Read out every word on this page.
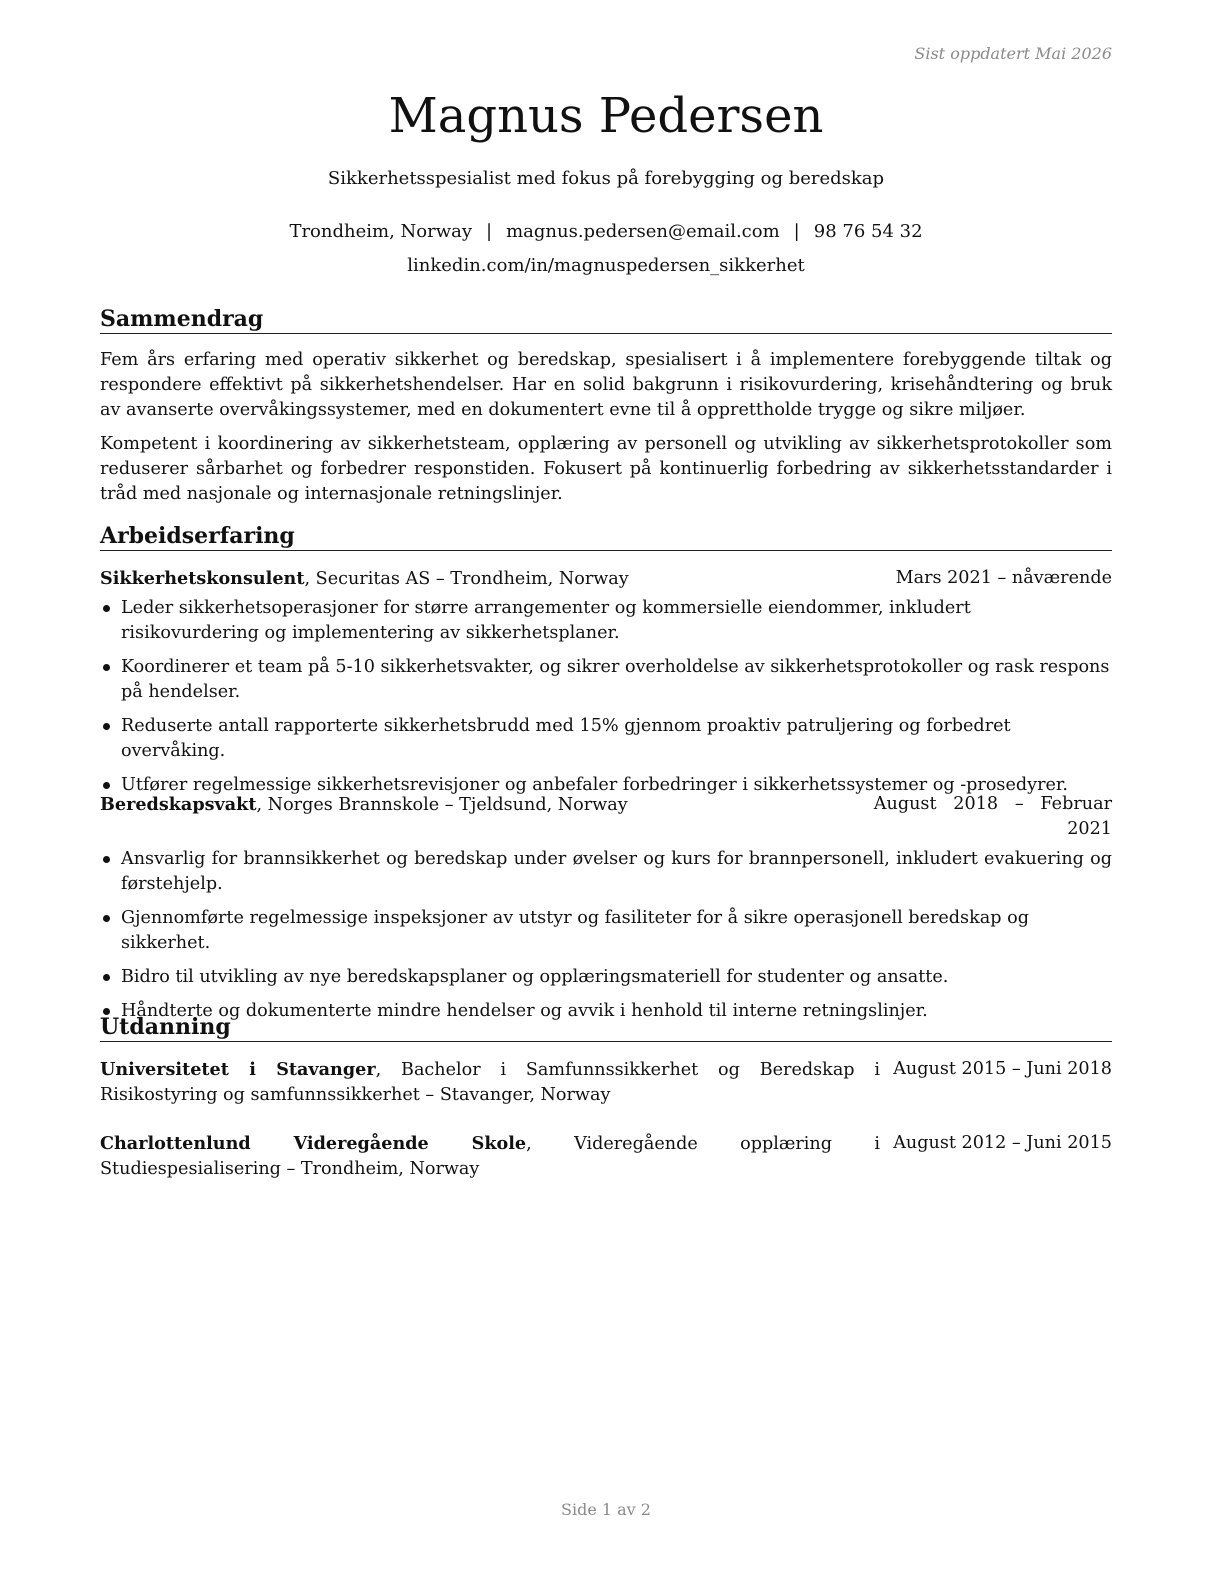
Sist oppdatert Mai 2026
Magnus Pedersen
Sikkerhetsspesialist med fokus på forebygging og beredskap
Trondheim, Norway | magnus.pedersen@email.com | 98 76 54 32
linkedin.com/in/magnuspedersen_sikkerhet
Sammendrag
Fem års erfaring med operativ sikkerhet og beredskap, spesialisert i å implementere forebyggende tiltak og respondere effektivt på sikkerhetshendelser. Har en solid bakgrunn i risikovurdering, krisehåndtering og bruk av avanserte overvåkingssystemer, med en dokumentert evne til å opprettholde trygge og sikre miljøer.
Kompetent i koordinering av sikkerhetsteam, opplæring av personell og utvikling av sikkerhetsprotokoller som reduserer sårbarhet og forbedrer responstiden. Fokusert på kontinuerlig forbedring av sikkerhetsstandarder i tråd med nasjonale og internasjonale retningslinjer.
Arbeidserfaring
Sikkerhetskonsulent, Securitas AS – Trondheim, Norway	Mars 2021 – nåværende
Leder sikkerhetsoperasjoner for større arrangementer og kommersielle eiendommer, inkludert risikovurdering og implementering av sikkerhetsplaner.
Koordinerer et team på 5-10 sikkerhetsvakter, og sikrer overholdelse av sikkerhetsprotokoller og rask respons på hendelser.
Reduserte antall rapporterte sikkerhetsbrudd med 15% gjennom proaktiv patruljering og forbedret overvåking.
Utfører regelmessige sikkerhetsrevisjoner og anbefaler forbedringer i sikkerhetssystemer og -prosedyrer.
Beredskapsvakt, Norges Brannskole – Tjeldsund, Norway	August   2018   –   Februar
2021
Ansvarlig for brannsikkerhet og beredskap under øvelser og kurs for brannpersonell, inkludert evakuering og førstehjelp.
Gjennomførte regelmessige inspeksjoner av utstyr og fasiliteter for å sikre operasjonell beredskap og sikkerhet.
Bidro til utvikling av nye beredskapsplaner og opplæringsmateriell for studenter og ansatte.
Håndterte og dokumenterte mindre hendelser og avvik i henhold til interne retningslinjer.
Utdanning
Universitetet i Stavanger, Bachelor i Samfunnssikkerhet og Beredskap i Risikostyring og samfunnssikkerhet – Stavanger, Norway
August 2015 – Juni 2018
Charlottenlund Videregående Skole, Videregående opplæring i Studiespesialisering – Trondheim, Norway
August 2012 – Juni 2015
Side 1 av 2
